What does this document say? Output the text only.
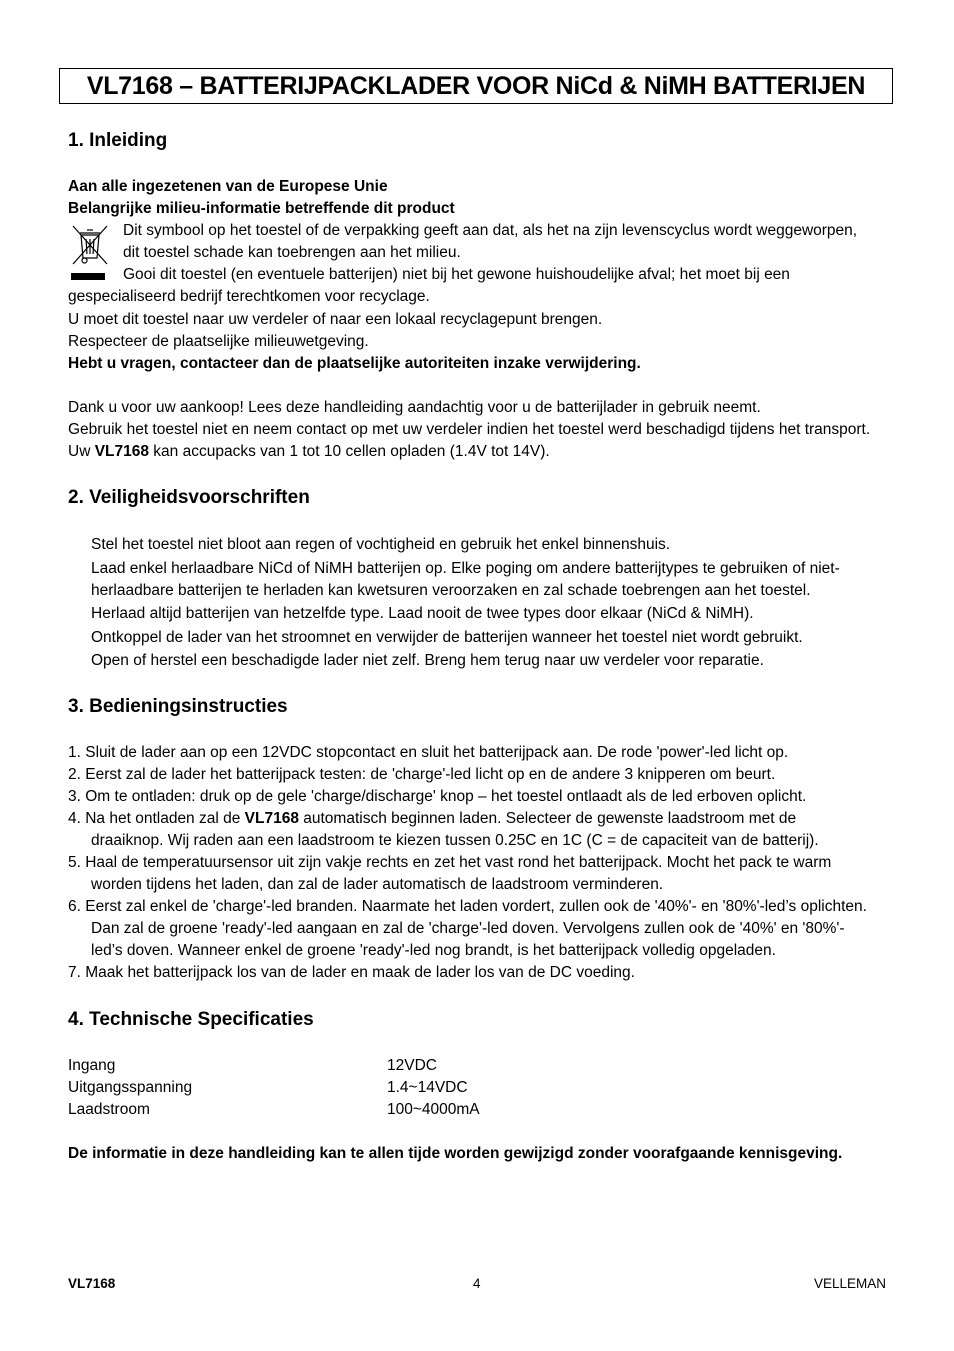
VL7168 – BATTERIJPACKLADER VOOR NiCd & NiMH BATTERIJEN
1. Inleiding
Aan alle ingezetenen van de Europese Unie
Belangrijke milieu-informatie betreffende dit product
Dit symbool op het toestel of de verpakking geeft aan dat, als het na zijn levenscyclus wordt weggeworpen,
dit toestel schade kan toebrengen aan het milieu.
Gooi dit toestel (en eventuele batterijen) niet bij het gewone huishoudelijke afval; het moet bij een
gespecialiseerd bedrijf terechtkomen voor recyclage.
U moet dit toestel naar uw verdeler of naar een lokaal recyclagepunt brengen.
Respecteer de plaatselijke milieuwetgeving.
Hebt u vragen, contacteer dan de plaatselijke autoriteiten inzake verwijdering.
Dank u voor uw aankoop! Lees deze handleiding aandachtig voor u de batterijlader in gebruik neemt.
Gebruik het toestel niet en neem contact op met uw verdeler indien het toestel werd beschadigd tijdens het transport.
Uw VL7168 kan accupacks van 1 tot 10 cellen opladen (1.4V tot 14V).
2. Veiligheidsvoorschriften
Stel het toestel niet bloot aan regen of vochtigheid en gebruik het enkel binnenshuis.
Laad enkel herlaadbare NiCd of NiMH batterijen op. Elke poging om andere batterijtypes te gebruiken of niet-
herlaadbare batterijen te herladen kan kwetsuren veroorzaken en zal schade toebrengen aan het toestel.
Herlaad altijd batterijen van hetzelfde type. Laad nooit de twee types door elkaar (NiCd & NiMH).
Ontkoppel de lader van het stroomnet en verwijder de batterijen wanneer het toestel niet wordt gebruikt.
Open of herstel een beschadigde lader niet zelf. Breng hem terug naar uw verdeler voor reparatie.
3. Bedieningsinstructies
1. Sluit de lader aan op een 12VDC stopcontact en sluit het batterijpack aan. De rode 'power'-led licht op.
2. Eerst zal de lader het batterijpack testen: de 'charge'-led licht op en de andere 3 knipperen om beurt.
3. Om te ontladen: druk op de gele 'charge/discharge' knop – het toestel ontlaadt als de led erboven oplicht.
4. Na het ontladen zal de VL7168 automatisch beginnen laden. Selecteer de gewenste laadstroom met de
draaiknop. Wij raden aan een laadstroom te kiezen tussen 0.25C en 1C (C = de capaciteit van de batterij).
5. Haal de temperatuursensor uit zijn vakje rechts en zet het vast rond het batterijpack. Mocht het pack te warm
worden tijdens het laden, dan zal de lader automatisch de laadstroom verminderen.
6. Eerst zal enkel de 'charge'-led branden. Naarmate het laden vordert, zullen ook de '40%'- en '80%'-led’s oplichten.
Dan zal de groene 'ready'-led aangaan en zal de 'charge'-led doven. Vervolgens zullen ook de '40%' en '80%'-
led’s doven. Wanneer enkel de groene 'ready'-led nog brandt, is het batterijpack volledig opgeladen.
7. Maak het batterijpack los van de lader en maak de lader los van de DC voeding.
4. Technische Specificaties
Ingang	12VDC
Uitgangsspanning	1.4~14VDC
Laadstroom	100~4000mA
De informatie in deze handleiding kan te allen tijde worden gewijzigd zonder voorafgaande kennisgeving.
VL7168	4	VELLEMAN
